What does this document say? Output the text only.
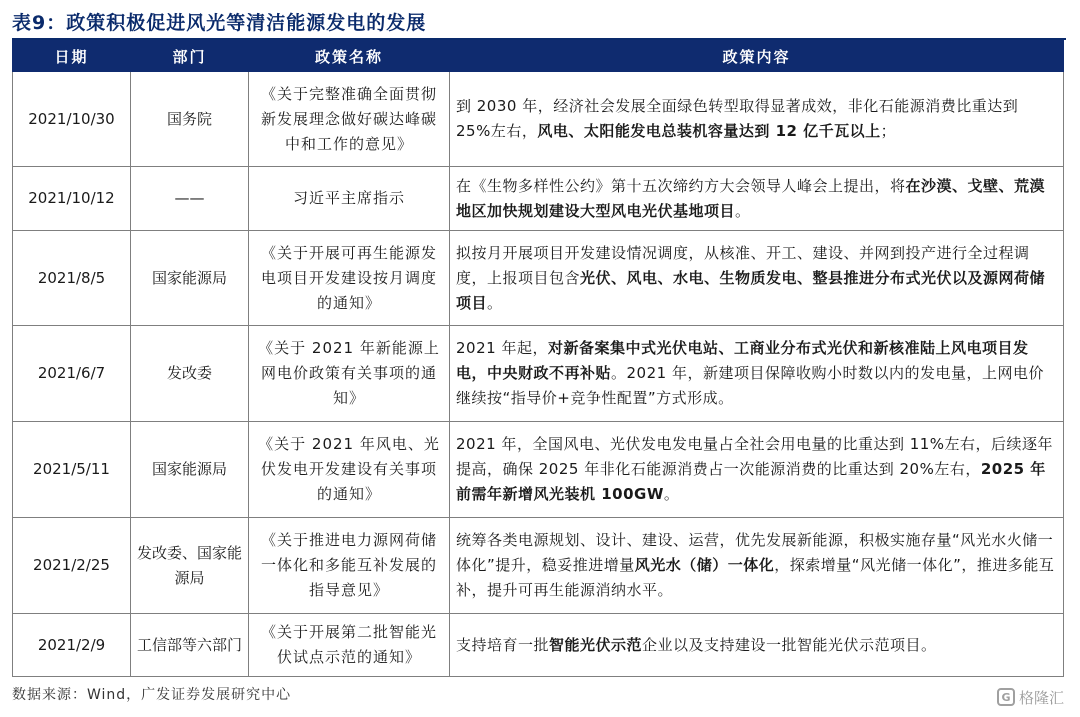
表9：政策积极促进风光等清洁能源发电的发展
日期	部门	政策名称	政策内容
2021/10/30	国务院	《关于完整准确全面贯彻新发展理念做好碳达峰碳中和工作的意见》	到 2030 年，经济社会发展全面绿色转型取得显著成效，非化石能源消费比重达到 25%左右，风电、太阳能发电总装机容量达到 12 亿千瓦以上；
2021/10/12	——	习近平主席指示	在《生物多样性公约》第十五次缔约方大会领导人峰会上提出，将在沙漠、戈壁、荒漠地区加快规划建设大型风电光伏基地项目。
2021/8/5	国家能源局	《关于开展可再生能源发电项目开发建设按月调度的通知》	拟按月开展项目开发建设情况调度，从核准、开工、建设、并网到投产进行全过程调度，上报项目包含光伏、风电、水电、生物质发电、整县推进分布式光伏以及源网荷储项目。
2021/6/7	发改委	《关于 2021 年新能源上网电价政策有关事项的通知》	2021 年起，对新备案集中式光伏电站、工商业分布式光伏和新核准陆上风电项目发电，中央财政不再补贴。2021 年，新建项目保障收购小时数以内的发电量，上网电价继续按“指导价+竞争性配置”方式形成。
2021/5/11	国家能源局	《关于 2021 年风电、光伏发电开发建设有关事项的通知》	2021 年，全国风电、光伏发电发电量占全社会用电量的比重达到 11%左右，后续逐年提高，确保 2025 年非化石能源消费占一次能源消费的比重达到 20%左右，2025 年前需年新增风光装机 100GW。
2021/2/25	发改委、国家能源局	《关于推进电力源网荷储一体化和多能互补发展的指导意见》	统筹各类电源规划、设计、建设、运营，优先发展新能源，积极实施存量“风光水火储一体化”提升，稳妥推进增量风光水（储）一体化，探索增量“风光储一体化”，推进多能互补，提升可再生能源消纳水平。
2021/2/9	工信部等六部门	《关于开展第二批智能光伏试点示范的通知》	支持培育一批智能光伏示范企业以及支持建设一批智能光伏示范项目。
数据来源：Wind，广发证券发展研究中心	G 格隆汇
